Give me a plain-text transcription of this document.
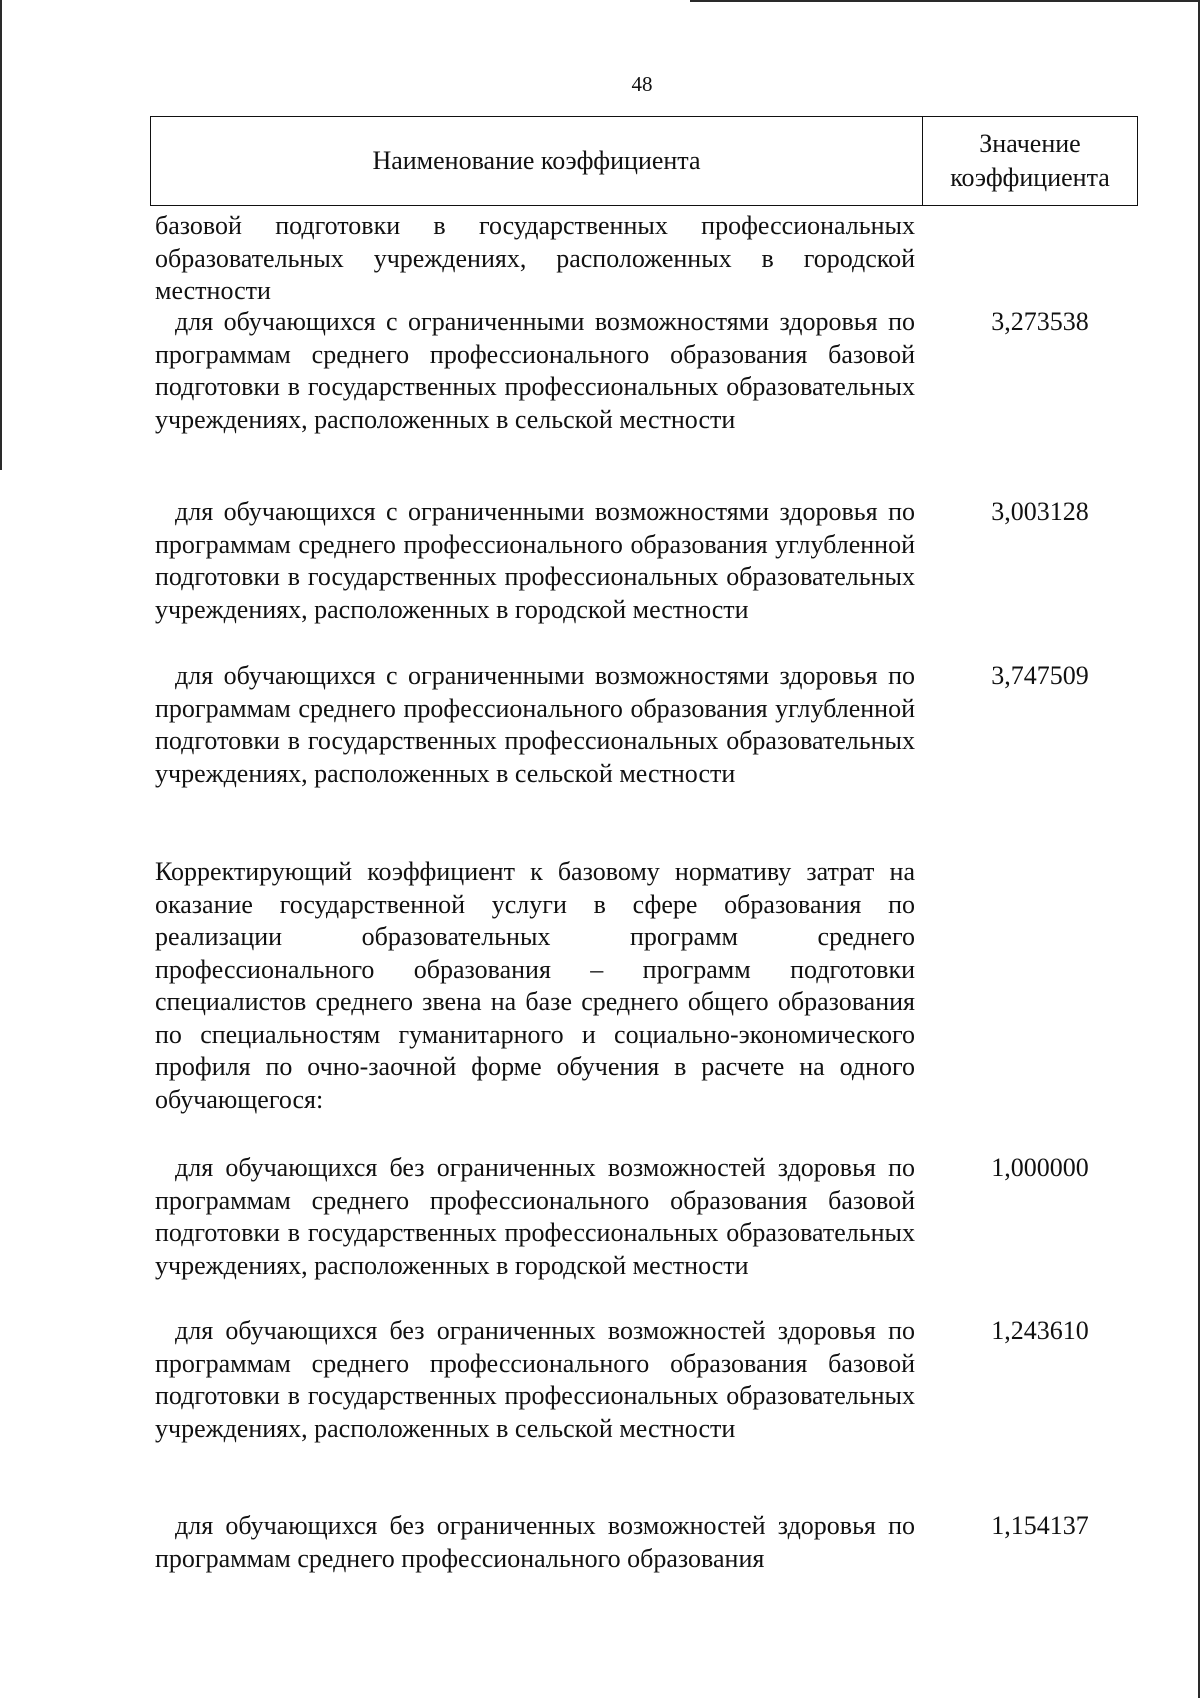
48
Наименование коэффициента
Значение
коэффициента
базовой подготовки в государственных профессиональных образовательных учреждениях, расположенных в городской местности
для обучающихся с ограниченными возможностями здоровья по программам среднего профессионального образования базовой подготовки в государственных профессиональных образовательных учреждениях, расположенных в сельской местности
3,273538
для обучающихся с ограниченными возможностями здоровья по программам среднего профессионального образования углубленной подготовки в государственных профессиональных образовательных учреждениях, расположенных в городской местности
3,003128
для обучающихся с ограниченными возможностями здоровья по программам среднего профессионального образования углубленной подготовки в государственных профессиональных образовательных учреждениях, расположенных в сельской местности
3,747509
Корректирующий коэффициент к базовому нормативу затрат на оказание государственной услуги в сфере образования по реализации образовательных программ среднего профессионального образования – программ подготовки специалистов среднего звена на базе среднего общего образования по специальностям гуманитарного и социально-экономического профиля по очно-заочной форме обучения в расчете на одного обучающегося:
для обучающихся без ограниченных возможностей здоровья по программам среднего профессионального образования базовой подготовки в государственных профессиональных образовательных учреждениях, расположенных в городской местности
1,000000
для обучающихся без ограниченных возможностей здоровья по программам среднего профессионального образования базовой подготовки в государственных профессиональных образовательных учреждениях, расположенных в сельской местности
1,243610
для обучающихся без ограниченных возможностей здоровья по программам среднего профессионального образования
1,154137
